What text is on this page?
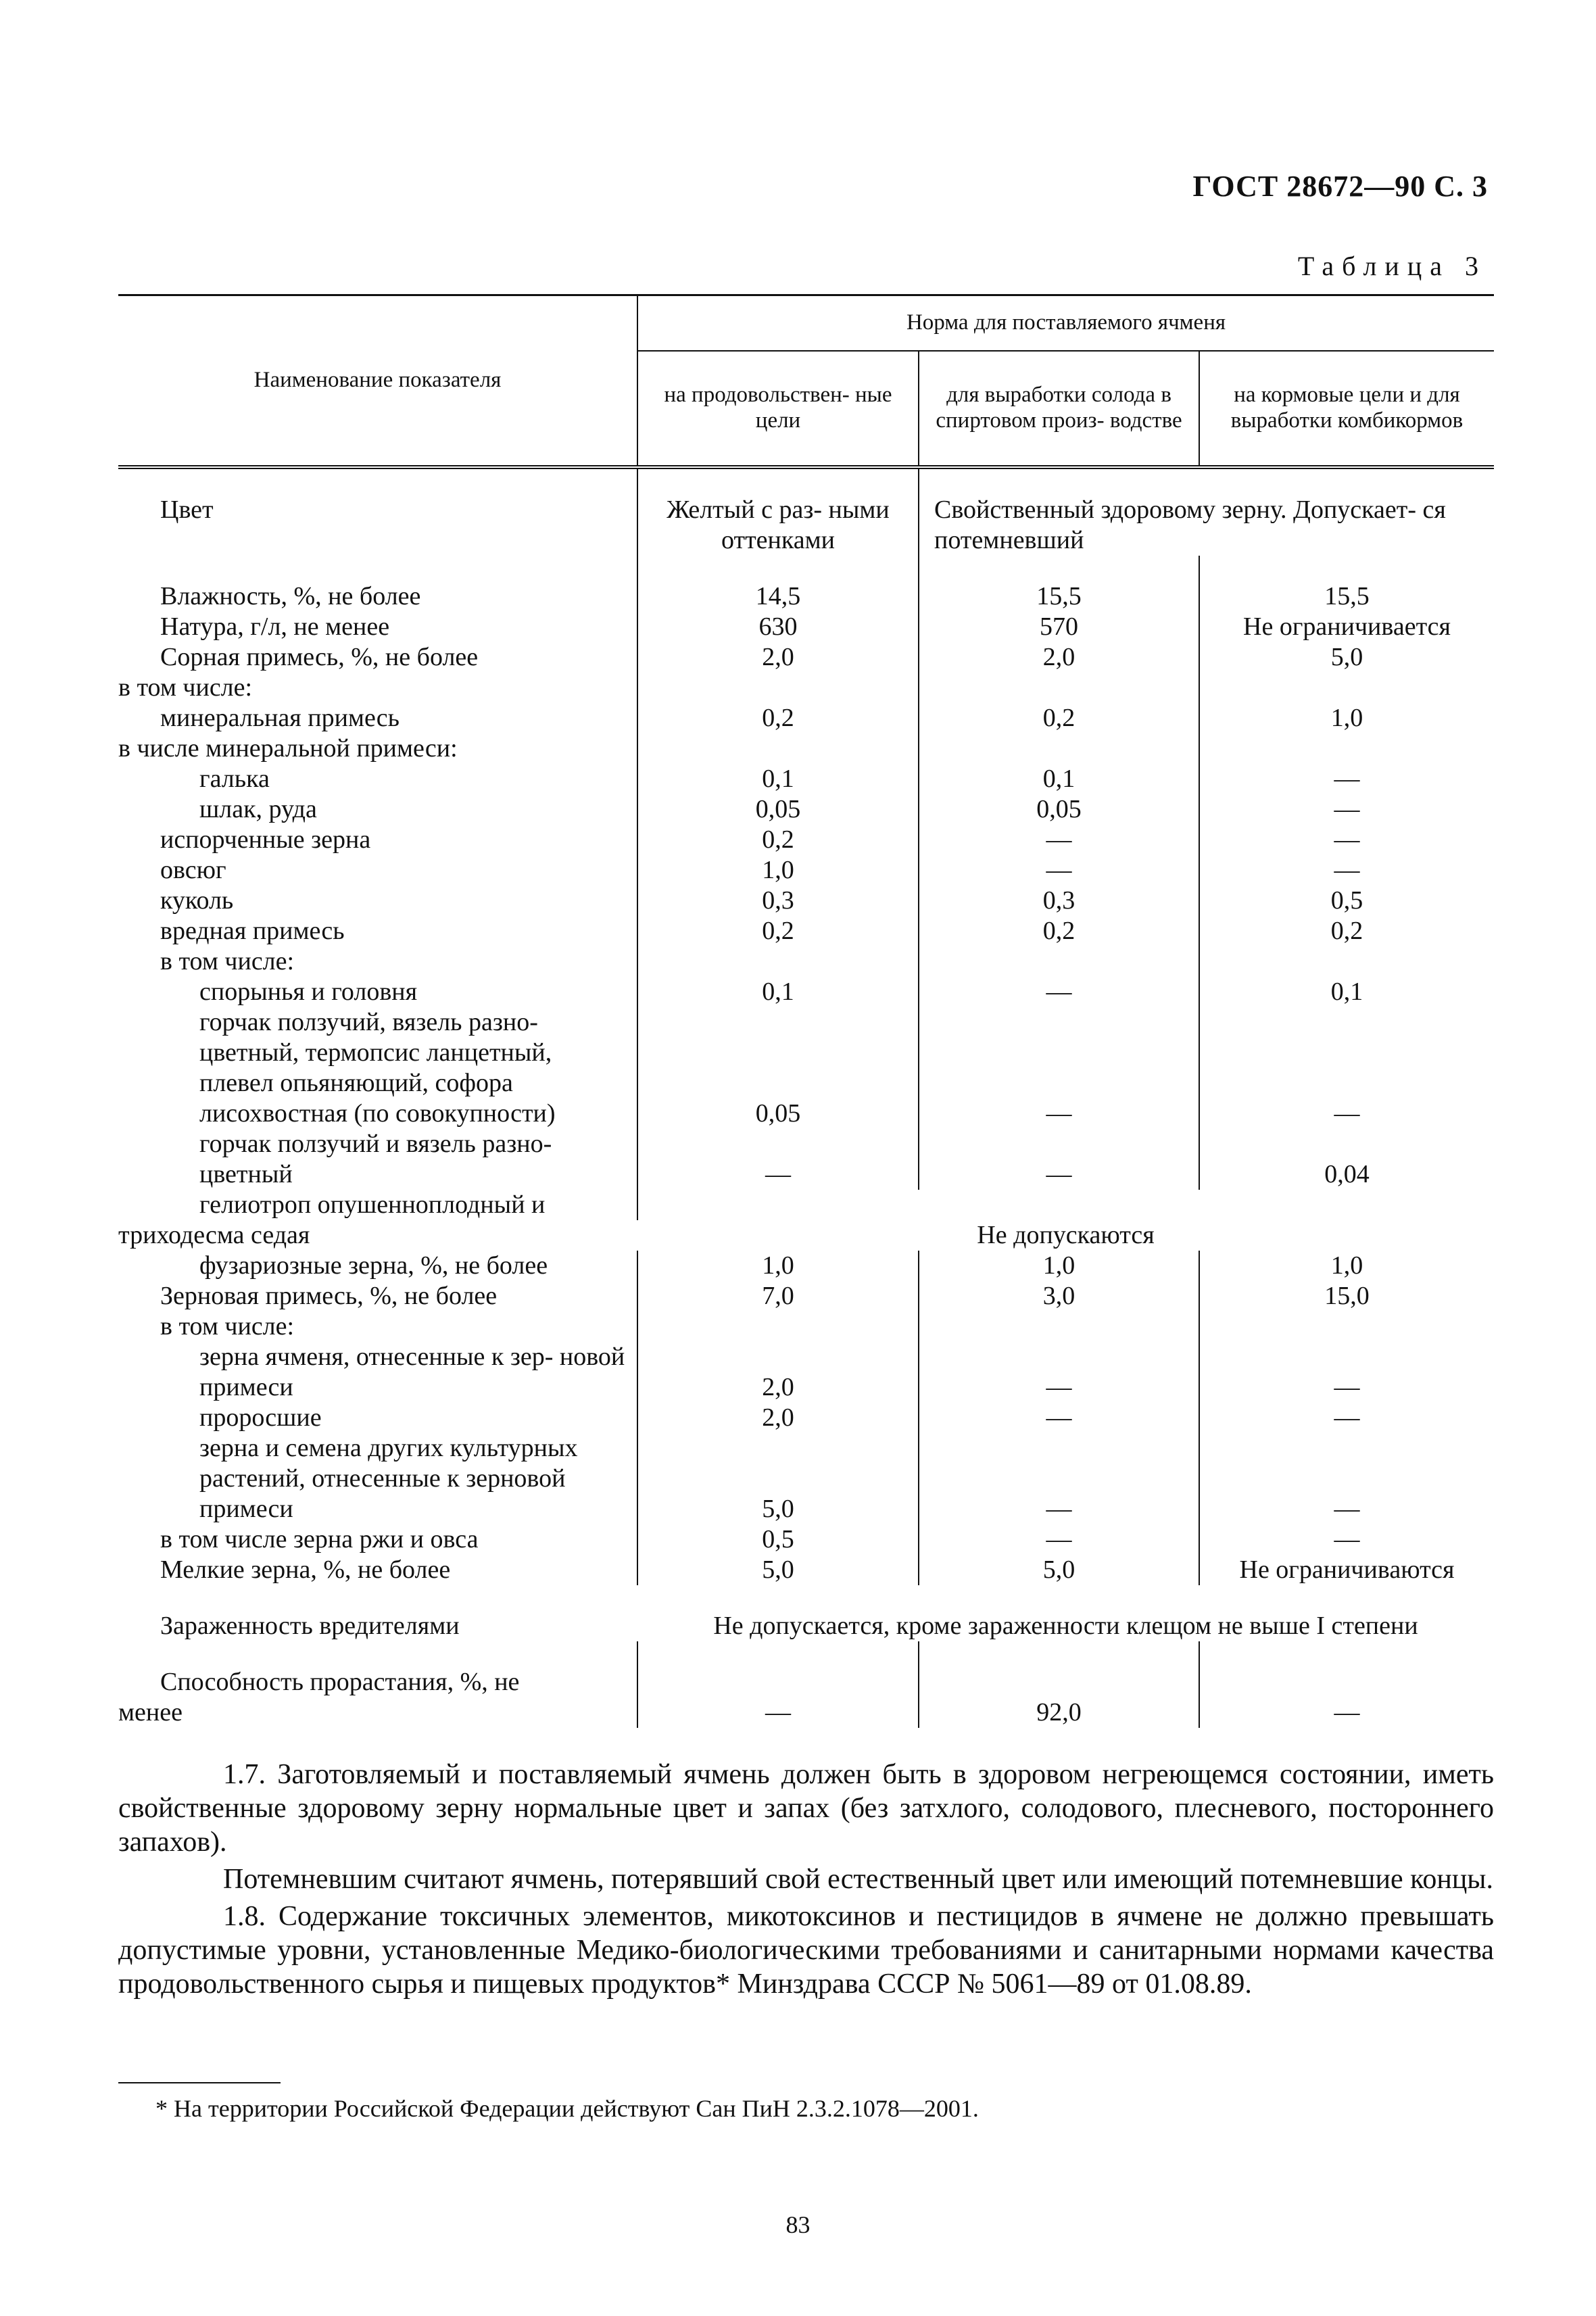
ГОСТ 28672—90 С. 3
Таблица 3
Наименование показателя	Норма для поставляемого ячменя		
	на продовольствен- ные цели	для выработки солода в спиртовом произ- водстве	на кормовые цели и для выработки комбикормов
Цвет	Желтый с раз- ными оттенками	Свойственный здоровому зерну. Допускает- ся потемневший	
Влажность, %, не более	14,5	15,5	15,5
Натура, г/л, не менее	630	570	Не ограничивается
Сорная примесь, %, не более	2,0	2,0	5,0
в том числе:			
минеральная примесь	0,2	0,2	1,0
в числе минеральной примеси:			
галька	0,1	0,1	—
шлак, руда	0,05	0,05	—
испорченные зерна	0,2	—	—
овсюг	1,0	—	—
куколь	0,3	0,3	0,5
вредная примесь	0,2	0,2	0,2
в том числе:			
спорынья и головня	0,1	—	0,1
горчак ползучий, вязель разно- цветный, термопсис ланцетный, плевел опьяняющий, софора лисохвостная (по совокупности)	0,05	—	—
горчак ползучий и вязель разно- цветный	—	—	0,04
гелиотроп опушенноплодный и			
триходесма седая	Не допускаются		
фузариозные зерна, %, не более	1,0	1,0	1,0
Зерновая примесь, %, не более	7,0	3,0	15,0
в том числе:			
зерна ячменя, отнесенные к зер- новой примеси	2,0	—	—
проросшие	2,0	—	—
зерна и семена других культурных растений, отнесенные к зерновой примеси	5,0	—	—
в том числе зерна ржи и овса	0,5	—	—
Мелкие зерна, %, не более	5,0	5,0	Не ограничиваются
Зараженность вредителями	Не допускается, кроме зараженности клещом не выше I степени		
Способность прорастания, %, не			
менее	—	92,0	—

1.7. Заготовляемый и поставляемый ячмень должен быть в здоровом негреющемся состоянии, иметь свойственные здоровому зерну нормальные цвет и запах (без затхлого, солодового, плесневого, постороннего запахов).

Потемневшим считают ячмень, потерявший свой естественный цвет или имеющий потемневшие концы.

1.8. Содержание токсичных элементов, микотоксинов и пестицидов в ячмене не должно превышать допустимые уровни, установленные Медико-биологическими требованиями и санитарными нормами качества продовольственного сырья и пищевых продуктов* Минздрава СССР № 5061—89 от 01.08.89.

* На территории Российской Федерации действуют Сан ПиН 2.3.2.1078—2001.
83
